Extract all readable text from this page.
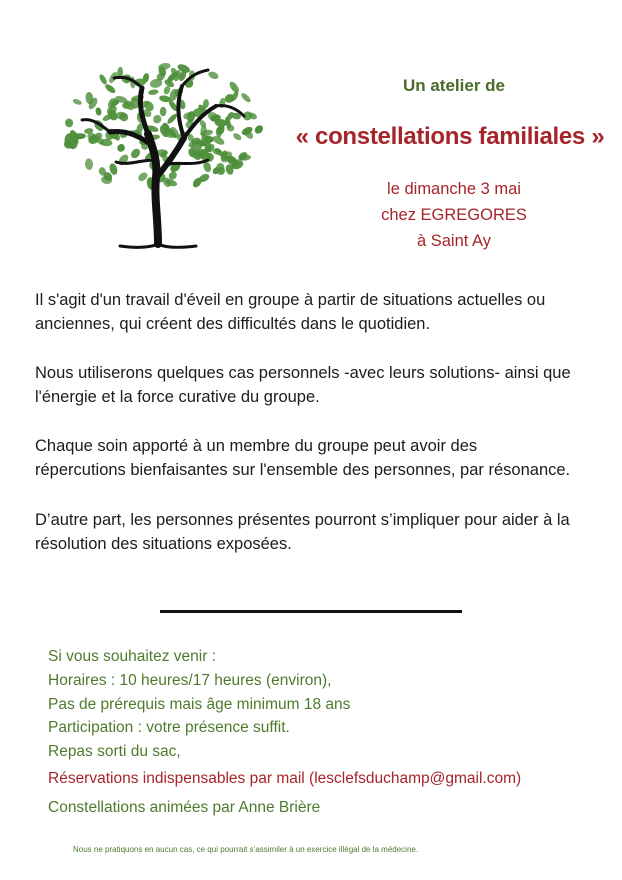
Un atelier de
« constellations familiales »
le dimanche 3 mai
chez EGREGORES
à Saint Ay
Il s'agit d'un travail d'éveil en groupe à partir de situations actuelles ou
anciennes, qui créent des difficultés dans le quotidien.
Nous utiliserons quelques cas personnels -avec leurs solutions- ainsi que
l'énergie et la force curative du groupe.
Chaque soin apporté à un membre du groupe peut avoir des
répercutions bienfaisantes sur l'ensemble des personnes, par résonance.
D’autre part, les personnes présentes pourront s’impliquer pour aider à la
résolution des situations exposées.
Si vous souhaitez venir :
Horaires : 10 heures/17 heures (environ),
Pas de prérequis mais âge minimum 18 ans
Participation : votre présence suffit.
Repas sorti du sac,
Réservations indispensables par mail (lesclefsduchamp@gmail.com)
Constellations animées par Anne Brière
Nous ne pratiquons en aucun cas, ce qui pourrait s’assimiler à un exercice illégal de la médecine.
